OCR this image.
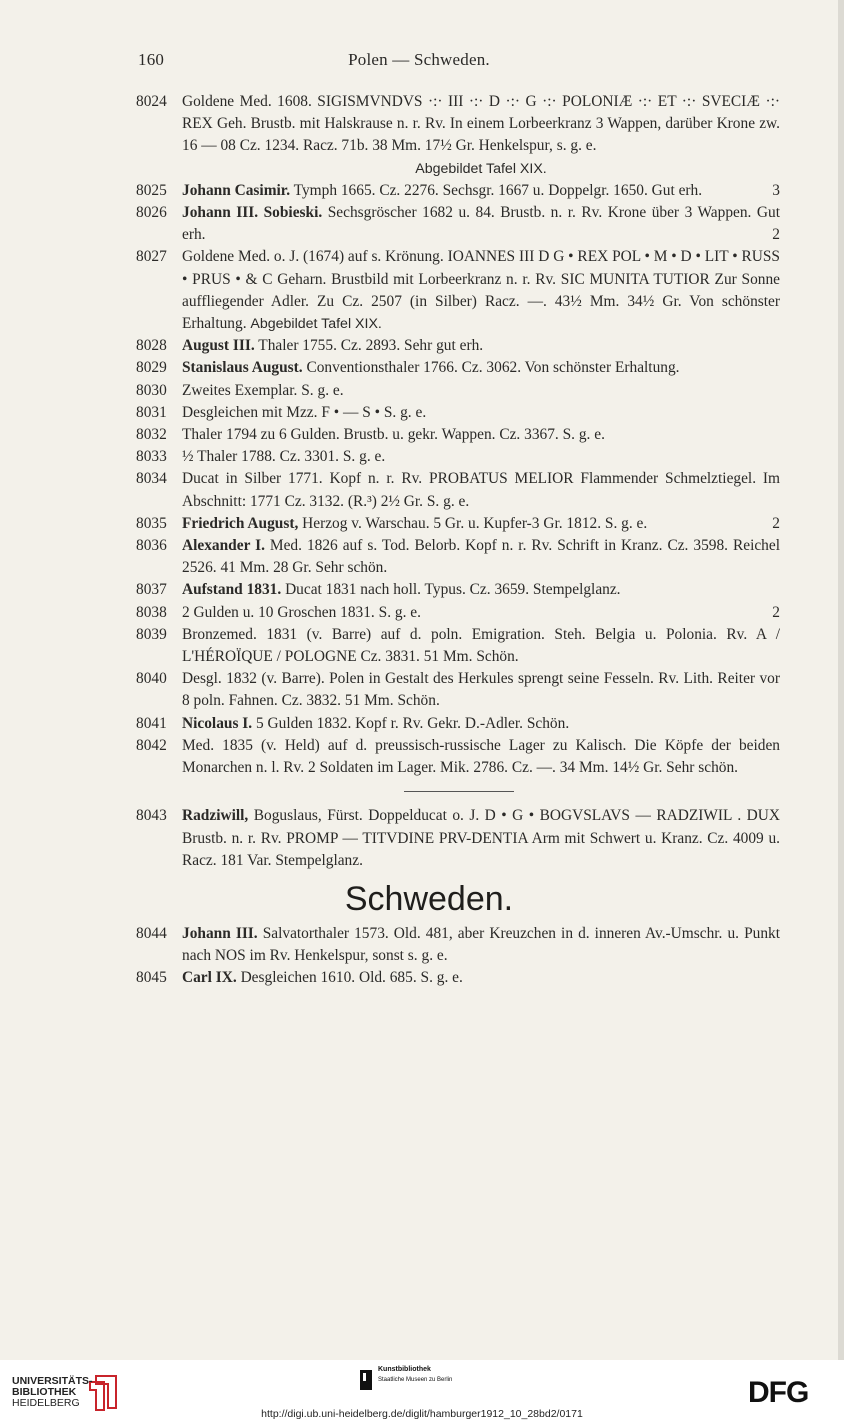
160	Polen — Schweden.
8024 Goldene Med. 1608. SIGISMVNDVS ·:· III ·:· D ·:· G ·:· POLONIÆ ·:· ET ·:· SVECIÆ ·:· REX Geh. Brustb. mit Halskrause n. r. Rv. In einem Lorbeerkranz 3 Wappen, darüber Krone zw. 16 — 08 Cz. 1234. Racz. 71b. 38 Mm. 17½ Gr. Henkelspur, s. g. e.
Abgebildet Tafel XIX.
8025 Johann Casimir. Tymph 1665. Cz. 2276. Sechsgr. 1667 u. Doppelgr. 1650. Gut erh.	3
8026 Johann III. Sobieski. Sechsgröscher 1682 u. 84. Brustb. n. r. Rv. Krone über 3 Wappen. Gut erh.	2
8027 Goldene Med. o. J. (1674) auf s. Krönung. IOANNES III D G • REX POL • M • D • LIT • RUSS • PRUS • & C Geharn. Brustbild mit Lorbeerkranz n. r. Rv. SIC MUNITA TUTIOR Zur Sonne auffliegender Adler. Zu Cz. 2507 (in Silber) Racz. —. 43½ Mm. 34½ Gr. Von schönster Erhaltung. Abgebildet Tafel XIX.
8028 August III. Thaler 1755. Cz. 2893. Sehr gut erh.
8029 Stanislaus August. Conventionsthaler 1766. Cz. 3062. Von schönster Erhaltung.
8030 Zweites Exemplar. S. g. e.
8031 Desgleichen mit Mzz. F • — S • S. g. e.
8032 Thaler 1794 zu 6 Gulden. Brustb. u. gekr. Wappen. Cz. 3367. S. g. e.
8033 ½ Thaler 1788. Cz. 3301. S. g. e.
8034 Ducat in Silber 1771. Kopf n. r. Rv. PROBATUS MELIOR Flammender Schmelztiegel. Im Abschnitt: 1771 Cz. 3132. (R.³) 2½ Gr. S. g. e.
8035 Friedrich August, Herzog v. Warschau. 5 Gr. u. Kupfer-3 Gr. 1812. S. g. e.	2
8036 Alexander I. Med. 1826 auf s. Tod. Belorb. Kopf n. r. Rv. Schrift in Kranz. Cz. 3598. Reichel 2526. 41 Mm. 28 Gr. Sehr schön.
8037 Aufstand 1831. Ducat 1831 nach holl. Typus. Cz. 3659. Stempelglanz.
8038 2 Gulden u. 10 Groschen 1831. S. g. e.	2
8039 Bronzemed. 1831 (v. Barre) auf d. poln. Emigration. Steh. Belgia u. Polonia. Rv. A / L'HÉROÏQUE / POLOGNE Cz. 3831. 51 Mm. Schön.
8040 Desgl. 1832 (v. Barre). Polen in Gestalt des Herkules sprengt seine Fesseln. Rv. Lith. Reiter vor 8 poln. Fahnen. Cz. 3832. 51 Mm. Schön.
8041 Nicolaus I. 5 Gulden 1832. Kopf r. Rv. Gekr. D.-Adler. Schön.
8042 Med. 1835 (v. Held) auf d. preussisch-russische Lager zu Kalisch. Die Köpfe der beiden Monarchen n. l. Rv. 2 Soldaten im Lager. Mik. 2786. Cz. —. 34 Mm. 14½ Gr. Sehr schön.
8043 Radziwill, Boguslaus, Fürst. Doppelducat o. J. D • G • BOGVSLAVS — RADZIWIL . DUX Brustb. n. r. Rv. PROMP — TITVDINE PRV-DENTIA Arm mit Schwert u. Kranz. Cz. 4009 u. Racz. 181 Var. Stempelglanz.
Schweden.
8044 Johann III. Salvatorthaler 1573. Old. 481, aber Kreuzchen in d. inneren Av.-Umschr. u. Punkt nach NOS im Rv. Henkelspur, sonst s. g. e.
8045 Carl IX. Desgleichen 1610. Old. 685. S. g. e.
UNIVERSITÄTS-
BIBLIOTHEK
HEIDELBERG
Kunstbibliothek
Staatliche Museen zu Berlin	DFG
http://digi.ub.uni-heidelberg.de/diglit/hamburger1912_10_28bd2/0171
